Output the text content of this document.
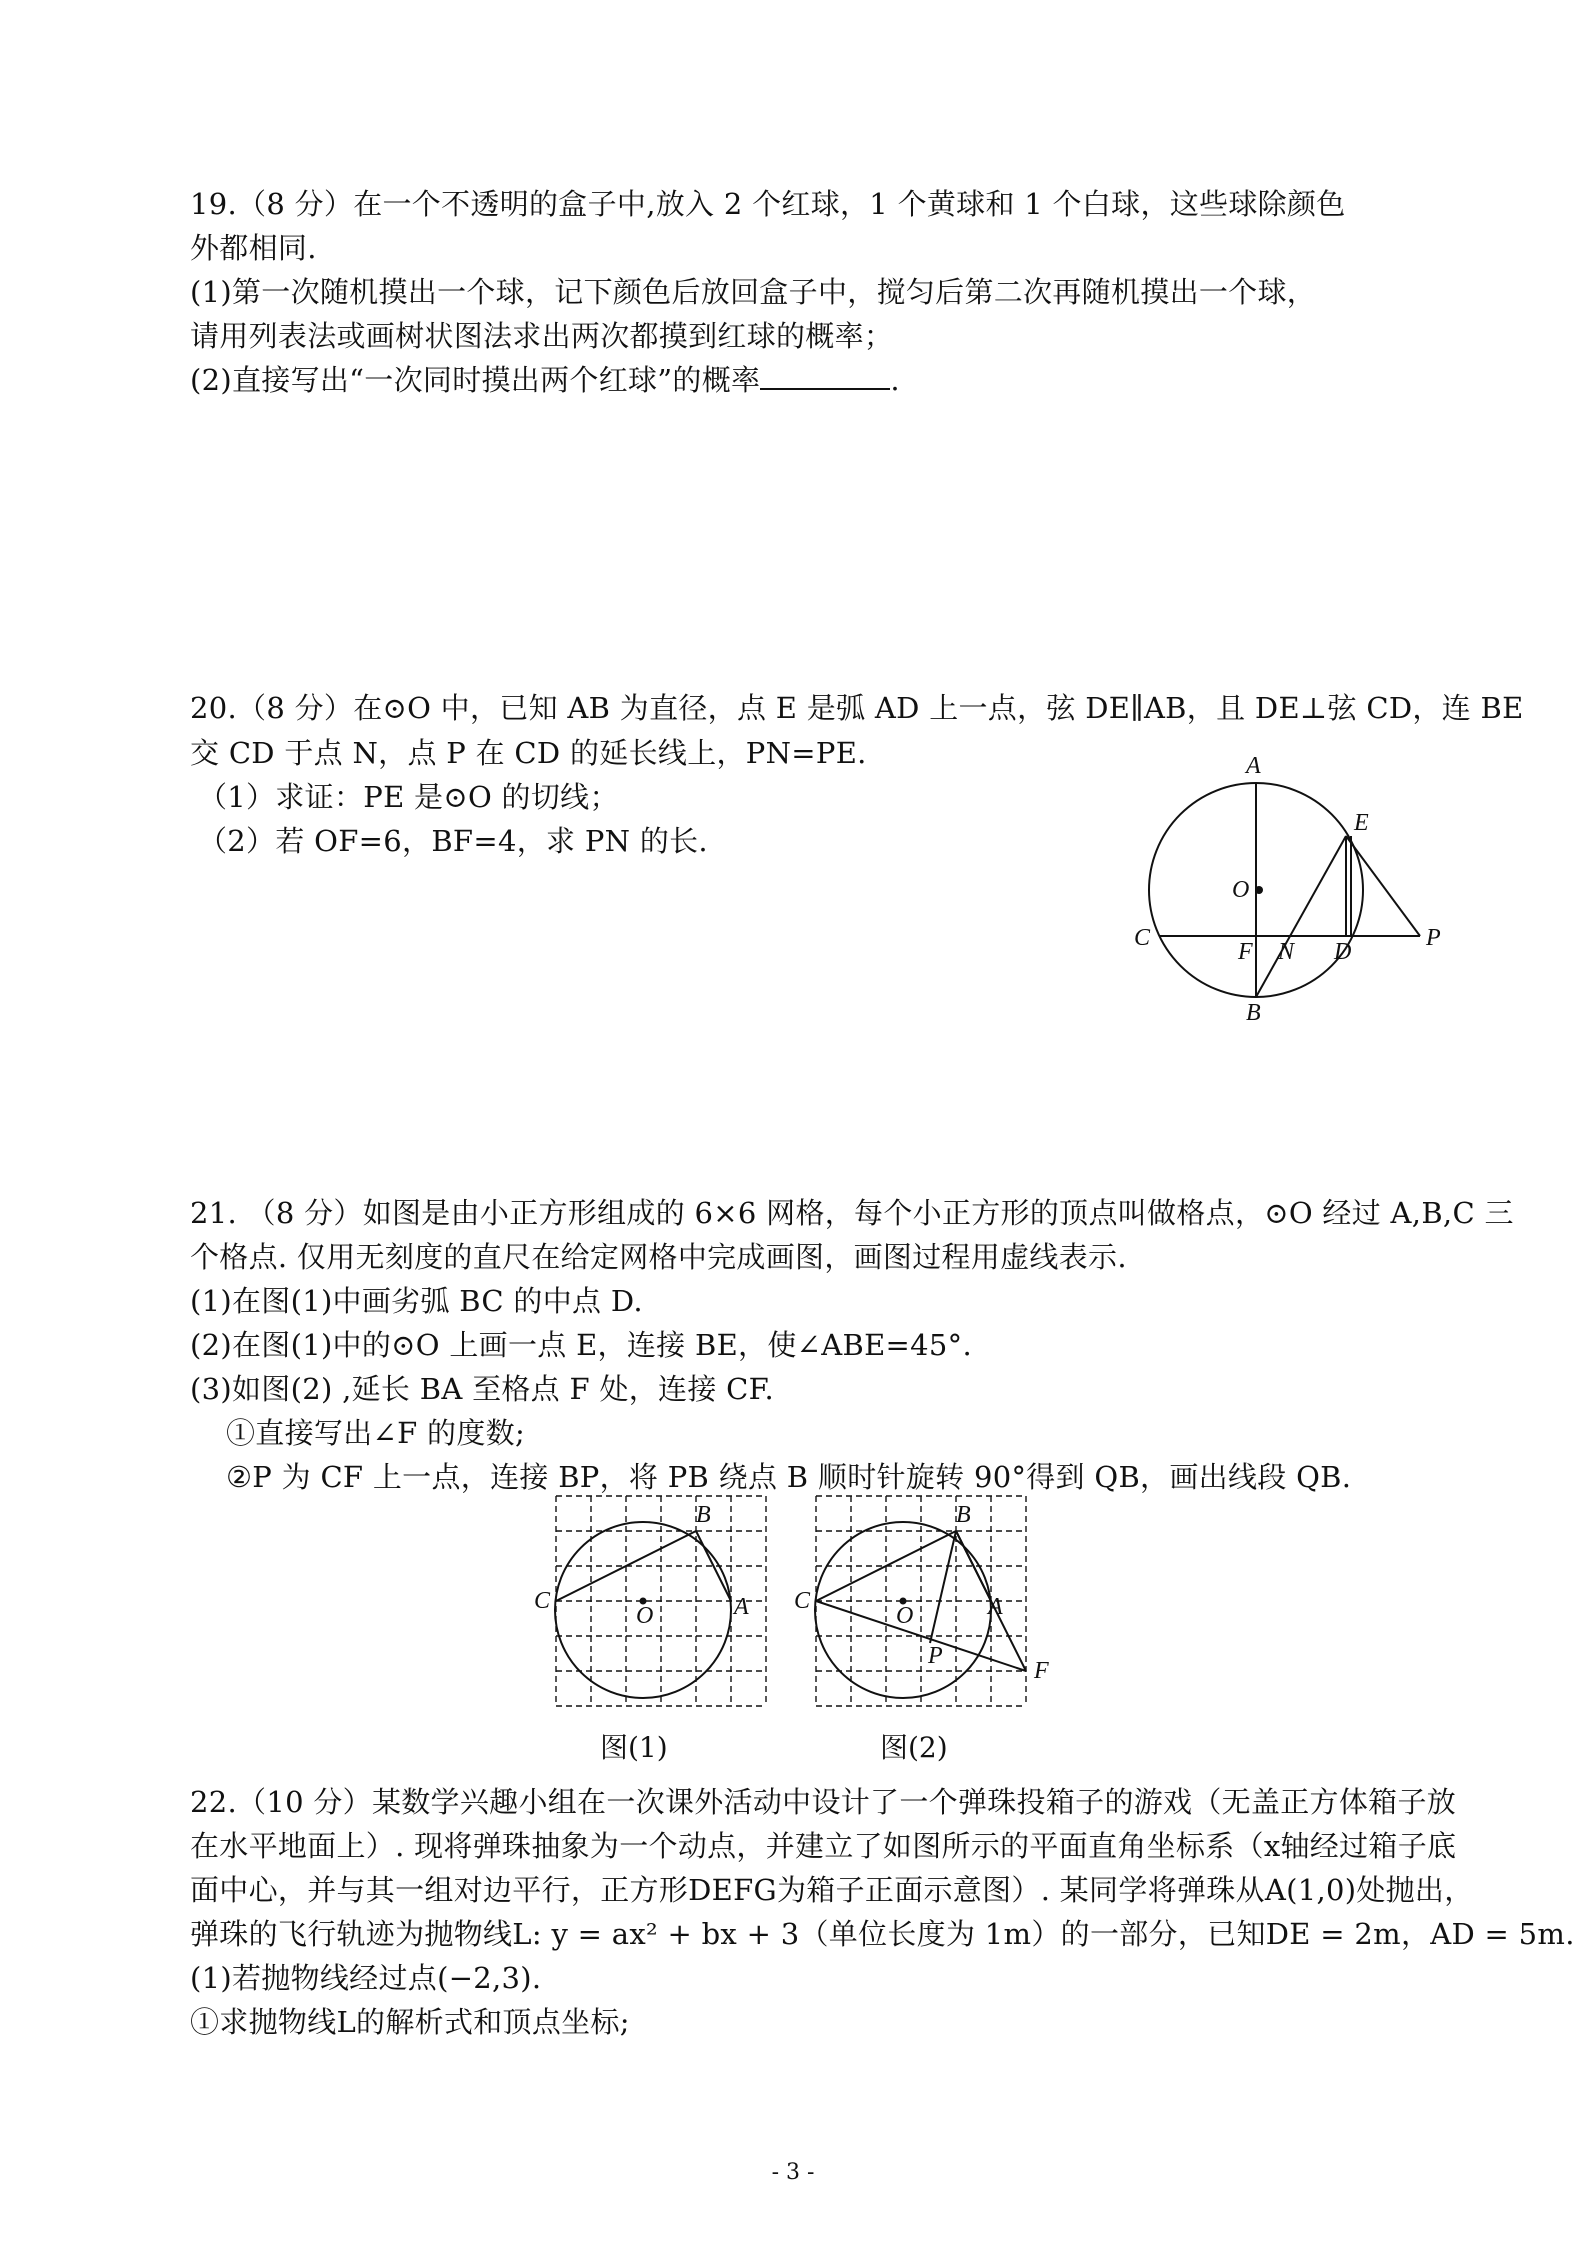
19.（8 分）在一个不透明的盒子中,放入 2 个红球，1 个黄球和 1 个白球，这些球除颜色
外都相同.
(1)第一次随机摸出一个球，记下颜色后放回盒子中，搅匀后第二次再随机摸出一个球，
请用列表法或画树状图法求出两次都摸到红球的概率；
(2)直接写出“一次同时摸出两个红球”的概率	.
20.（8 分）在⊙O 中，已知 AB 为直径，点 E 是弧 AD 上一点，弦 DE∥AB，且 DE⊥弦 CD，连 BE
交 CD 于点 N，点 P 在 CD 的延长线上，PN=PE.
（1）求证：PE 是⊙O 的切线；
（2）若 OF=6，BF=4，求 PN 的长.
A
E
O
C
F N D
P
B
21. （8 分）如图是由小正方形组成的 6×6 网格，每个小正方形的顶点叫做格点，⊙O 经过 A,B,C 三
个格点. 仅用无刻度的直尺在给定网格中完成画图，画图过程用虚线表示.
(1)在图(1)中画劣弧 BC 的中点 D.
(2)在图(1)中的⊙O 上画一点 E，连接 BE，使∠ABE=45°.
(3)如图(2) ,延长 BA 至格点 F 处，连接 CF.
①直接写出∠F 的度数;
②P 为 CF 上一点，连接 BP，将 PB 绕点 B 顺时针旋转 90°得到 QB，画出线段 QB.
B
C
O	A
图(1)
B
C
O	A
P
F
图(2)
22.（10 分）某数学兴趣小组在一次课外活动中设计了一个弹珠投箱子的游戏（无盖正方体箱子放
在水平地面上）. 现将弹珠抽象为一个动点，并建立了如图所示的平面直角坐标系（x轴经过箱子底
面中心，并与其一组对边平行，正方形DEFG为箱子正面示意图）. 某同学将弹珠从A(1,0)处抛出，
弹珠的飞行轨迹为抛物线L: y = ax² + bx + 3（单位长度为 1m）的一部分，已知DE = 2m，AD = 5m.
(1)若抛物线经过点(−2,3).
①求抛物线L的解析式和顶点坐标;
- 3 -
